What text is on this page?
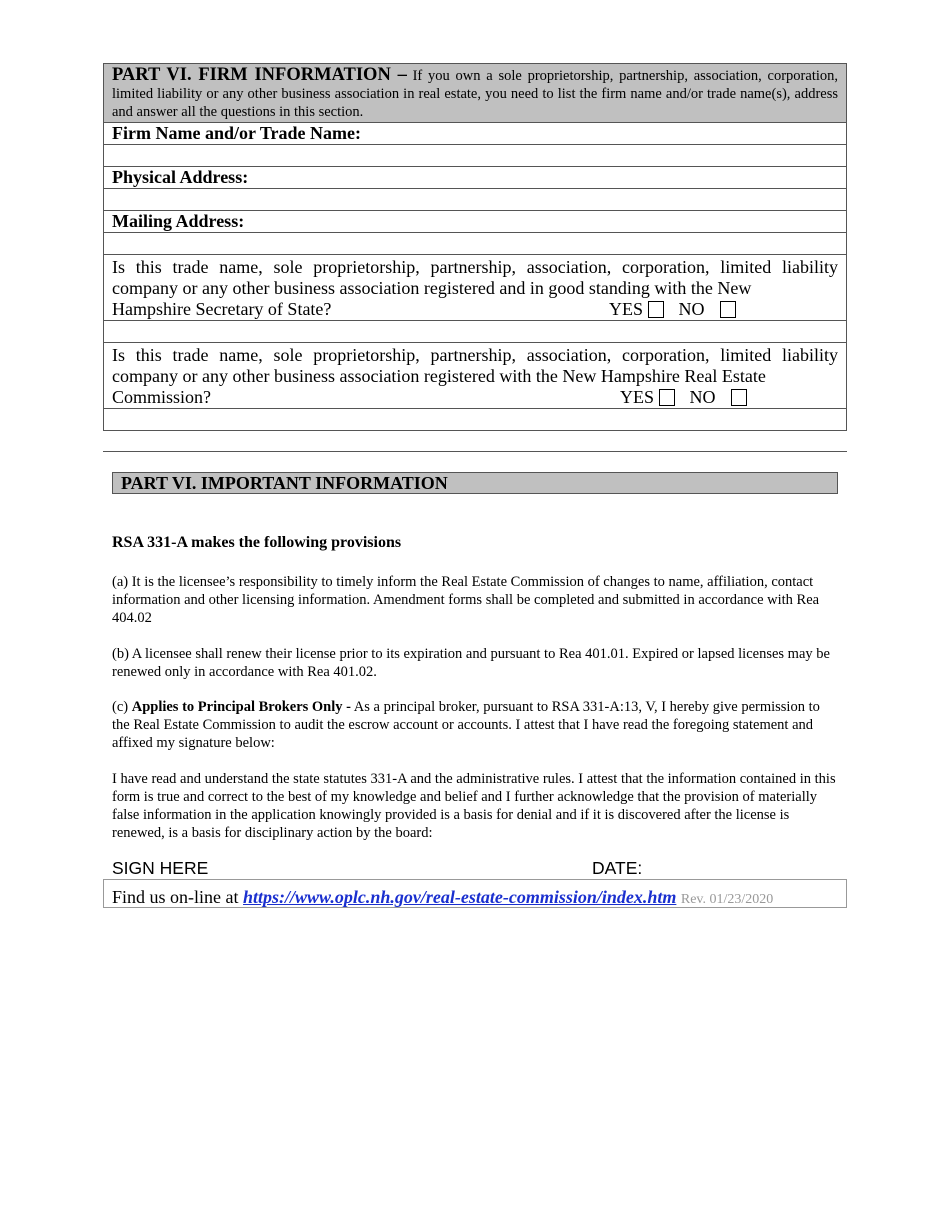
PART VI. FIRM INFORMATION – If you own a sole proprietorship, partnership, association, corporation, limited liability or any other business association in real estate, you need to list the firm name and/or trade name(s), address and answer all the questions in this section.
Firm Name and/or Trade Name:
Physical Address:
Mailing Address:
Is this trade name, sole proprietorship, partnership, association, corporation, limited liability company or any other business association registered and in good standing with the New
Hampshire Secretary of State?	YES NO
Is this trade name, sole proprietorship, partnership, association, corporation, limited liability company or any other business association registered with the New Hampshire Real Estate
Commission?	YES NO
PART VI. IMPORTANT INFORMATION
RSA 331-A makes the following provisions
(a) It is the licensee’s responsibility to timely inform the Real Estate Commission of changes to name, affiliation, contact information and other licensing information. Amendment forms shall be completed and submitted in accordance with Rea 404.02
(b) A licensee shall renew their license prior to its expiration and pursuant to Rea 401.01. Expired or lapsed licenses may be renewed only in accordance with Rea 401.02.
(c) Applies to Principal Brokers Only - As a principal broker, pursuant to RSA 331-A:13, V, I hereby give permission to the Real Estate Commission to audit the escrow account or accounts. I attest that I have read the foregoing statement and affixed my signature below:
I have read and understand the state statutes 331-A and the administrative rules. I attest that the information contained in this form is true and correct to the best of my knowledge and belief and I further acknowledge that the provision of materially false information in the application knowingly provided is a basis for denial and if it is discovered after the license is renewed, is a basis for disciplinary action by the board:
SIGN HERE	DATE:
Find us on-line at https://www.oplc.nh.gov/real-estate-commission/index.htm Rev. 01/23/2020
